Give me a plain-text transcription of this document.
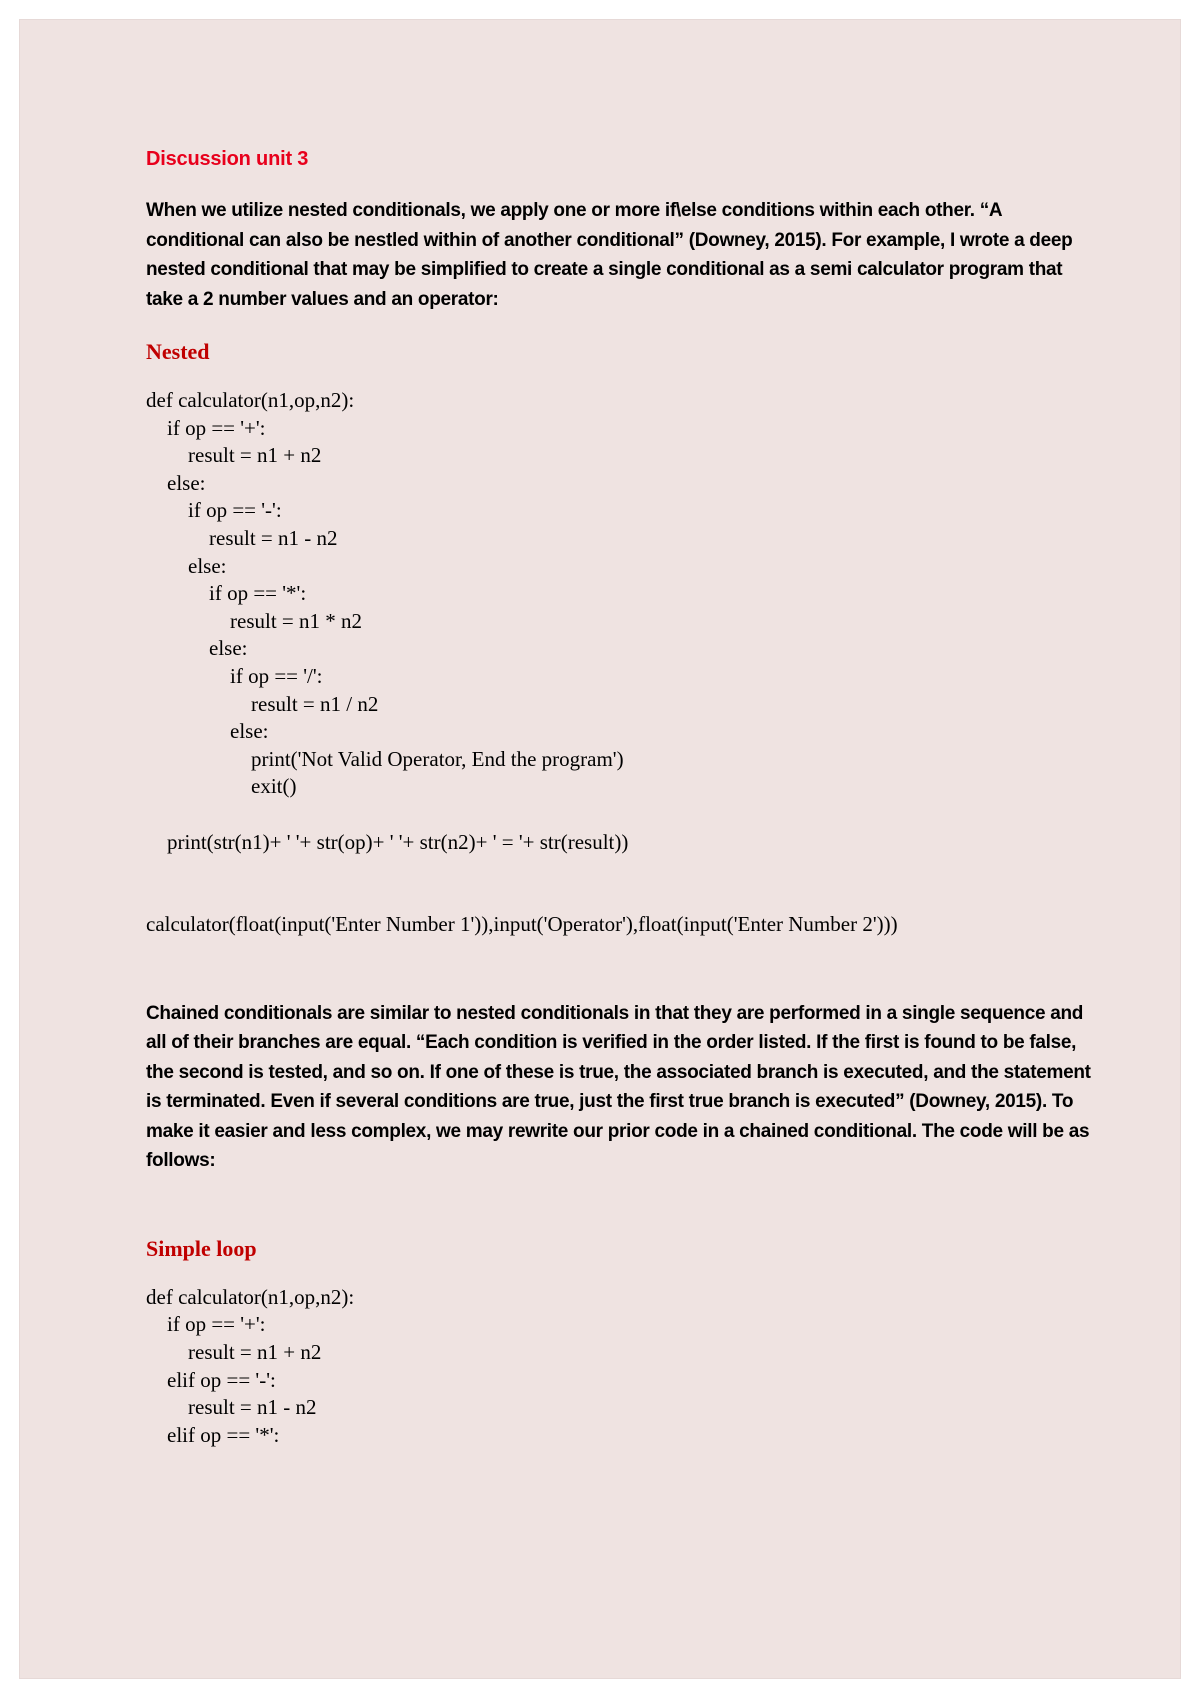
Discussion unit 3

When we utilize nested conditionals, we apply one or more if\else conditions within each other. “A conditional can also be nestled within of another conditional” (Downey, 2015). For example, I wrote a deep nested conditional that may be simplified to create a single conditional as a semi calculator program that take a 2 number values and an operator:

Nested
def calculator(n1,op,n2):
if op == '+':
result = n1 + n2
else:
if op == '-':
result = n1 - n2
else:
if op == '*':
result = n1 * n2
else:
if op == '/':
result = n1 / n2
else:
print('Not Valid Operator, End the program')
exit()
print(str(n1)+ ' '+ str(op)+ ' '+ str(n2)+ ' = '+ str(result))
calculator(float(input('Enter Number 1')),input('Operator'),float(input('Enter Number 2')))

Chained conditionals are similar to nested conditionals in that they are performed in a single sequence and all of their branches are equal. “Each condition is verified in the order listed. If the first is found to be false, the second is tested, and so on. If one of these is true, the associated branch is executed, and the statement is terminated. Even if several conditions are true, just the first true branch is executed” (Downey, 2015). To make it easier and less complex, we may rewrite our prior code in a chained conditional. The code will be as follows:

Simple loop
def calculator(n1,op,n2):
if op == '+':
result = n1 + n2
elif op == '-':
result = n1 - n2
elif op == '*':
